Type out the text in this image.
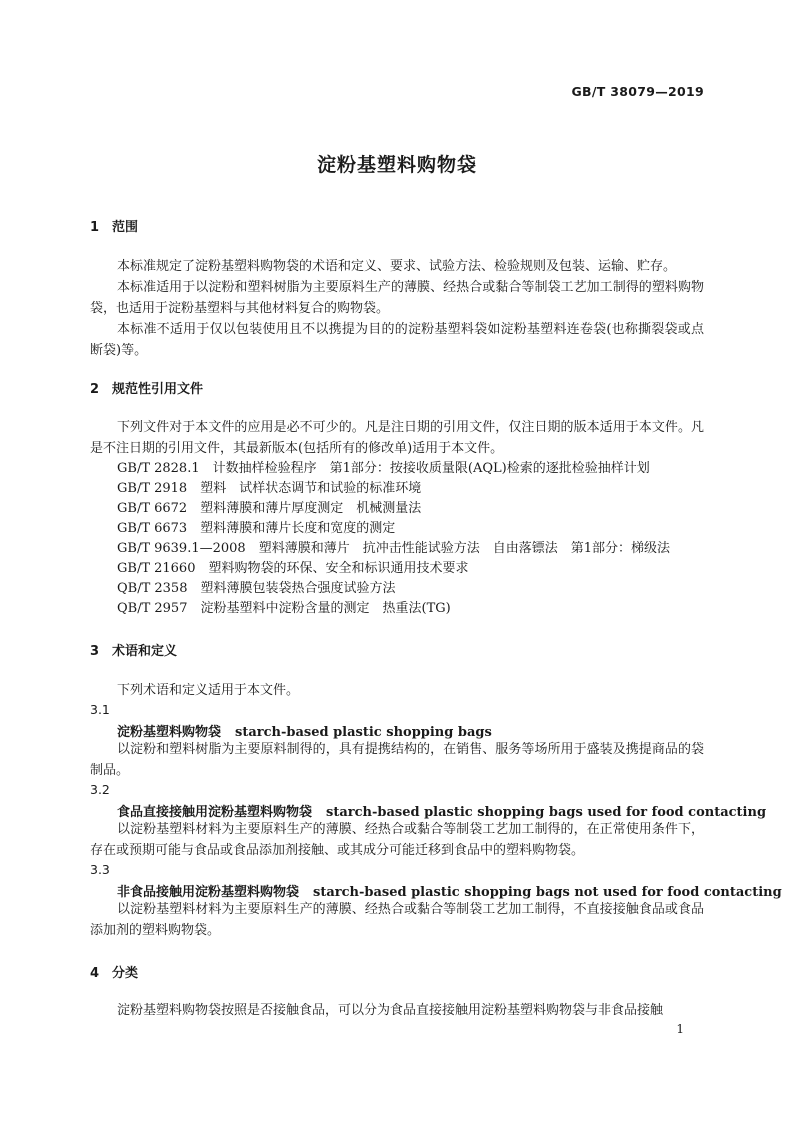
GB/T 38079—2019
淀粉基塑料购物袋
1 范围
本标准规定了淀粉基塑料购物袋的术语和定义、要求、试验方法、检验规则及包装、运输、贮存。
本标准适用于以淀粉和塑料树脂为主要原料生产的薄膜、经热合或黏合等制袋工艺加工制得的塑料购物袋，也适用于淀粉基塑料与其他材料复合的购物袋。
本标准不适用于仅以包装使用且不以携提为目的的淀粉基塑料袋如淀粉基塑料连卷袋(也称撕裂袋或点断袋)等。
2 规范性引用文件
下列文件对于本文件的应用是必不可少的。凡是注日期的引用文件，仅注日期的版本适用于本文件。凡是不注日期的引用文件，其最新版本(包括所有的修改单)适用于本文件。
GB/T 2828.1　 计数抽样检验程序　第1部分：按接收质量限(AQL)检索的逐批检验抽样计划
GB/T 2918　 塑料　试样状态调节和试验的标准环境
GB/T 6672　 塑料薄膜和薄片厚度测定　机械测量法
GB/T 6673　 塑料薄膜和薄片长度和宽度的测定
GB/T 9639.1—2008　 塑料薄膜和薄片　抗冲击性能试验方法　自由落镖法　第1部分：梯级法
GB/T 21660　 塑料购物袋的环保、安全和标识通用技术要求
QB/T 2358　 塑料薄膜包装袋热合强度试验方法
QB/T 2957　 淀粉基塑料中淀粉含量的测定　热重法(TG)
3 术语和定义
下列术语和定义适用于本文件。
3.1
淀粉基塑料购物袋 starch-based plastic shopping bags
以淀粉和塑料树脂为主要原料制得的，具有提携结构的，在销售、服务等场所用于盛装及携提商品的袋制品。
3.2
食品直接接触用淀粉基塑料购物袋 starch-based plastic shopping bags used for food contacting
以淀粉基塑料材料为主要原料生产的薄膜、经热合或黏合等制袋工艺加工制得的，在正常使用条件下，存在或预期可能与食品或食品添加剂接触、或其成分可能迁移到食品中的塑料购物袋。
3.3
非食品接触用淀粉基塑料购物袋 starch-based plastic shopping bags not used for food contacting
以淀粉基塑料材料为主要原料生产的薄膜、经热合或黏合等制袋工艺加工制得，不直接接触食品或食品添加剂的塑料购物袋。
4 分类
淀粉基塑料购物袋按照是否接触食品，可以分为食品直接接触用淀粉基塑料购物袋与非食品接触
1
